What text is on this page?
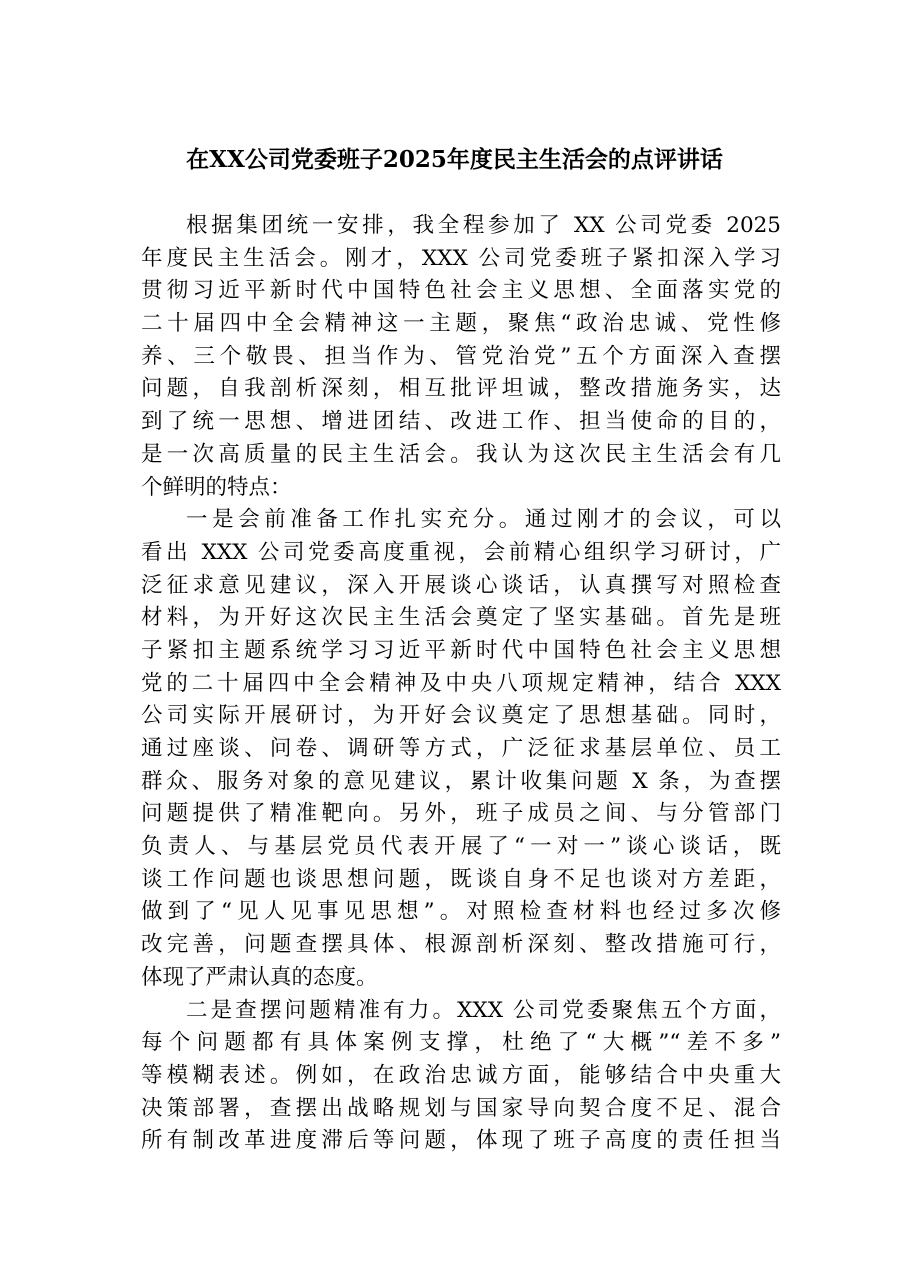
在XX公司党委班子2025年度民主生活会的点评讲话
根据集团统一安排，我全程参加了 XX 公司党委 2025
年度民主生活会。刚才，XXX 公司党委班子紧扣深入学习
贯彻习近平新时代中国特色社会主义思想、全面落实党的
二十届四中全会精神这一主题，聚焦“政治忠诚、党性修
养、三个敬畏、担当作为、管党治党”五个方面深入查摆
问题，自我剖析深刻，相互批评坦诚，整改措施务实，达
到了统一思想、增进团结、改进工作、担当使命的目的，
是一次高质量的民主生活会。我认为这次民主生活会有几
个鲜明的特点：
一是会前准备工作扎实充分。通过刚才的会议，可以
看出 XXX 公司党委高度重视，会前精心组织学习研讨，广
泛征求意见建议，深入开展谈心谈话，认真撰写对照检查
材料，为开好这次民主生活会奠定了坚实基础。首先是班
子紧扣主题系统学习习近平新时代中国特色社会主义思想
党的二十届四中全会精神及中央八项规定精神，结合 XXX
公司实际开展研讨，为开好会议奠定了思想基础。同时，
通过座谈、问卷、调研等方式，广泛征求基层单位、员工
群众、服务对象的意见建议，累计收集问题 X 条，为查摆
问题提供了精准靶向。另外，班子成员之间、与分管部门
负责人、与基层党员代表开展了“一对一”谈心谈话，既
谈工作问题也谈思想问题，既谈自身不足也谈对方差距，
做到了“见人见事见思想”。对照检查材料也经过多次修
改完善，问题查摆具体、根源剖析深刻、整改措施可行，
体现了严肃认真的态度。
二是查摆问题精准有力。XXX 公司党委聚焦五个方面，
每个问题都有具体案例支撑，杜绝了“大概”“差不多”
等模糊表述。例如，在政治忠诚方面，能够结合中央重大
决策部署，查摆出战略规划与国家导向契合度不足、混合
所有制改革进度滞后等问题，体现了班子高度的责任担当
